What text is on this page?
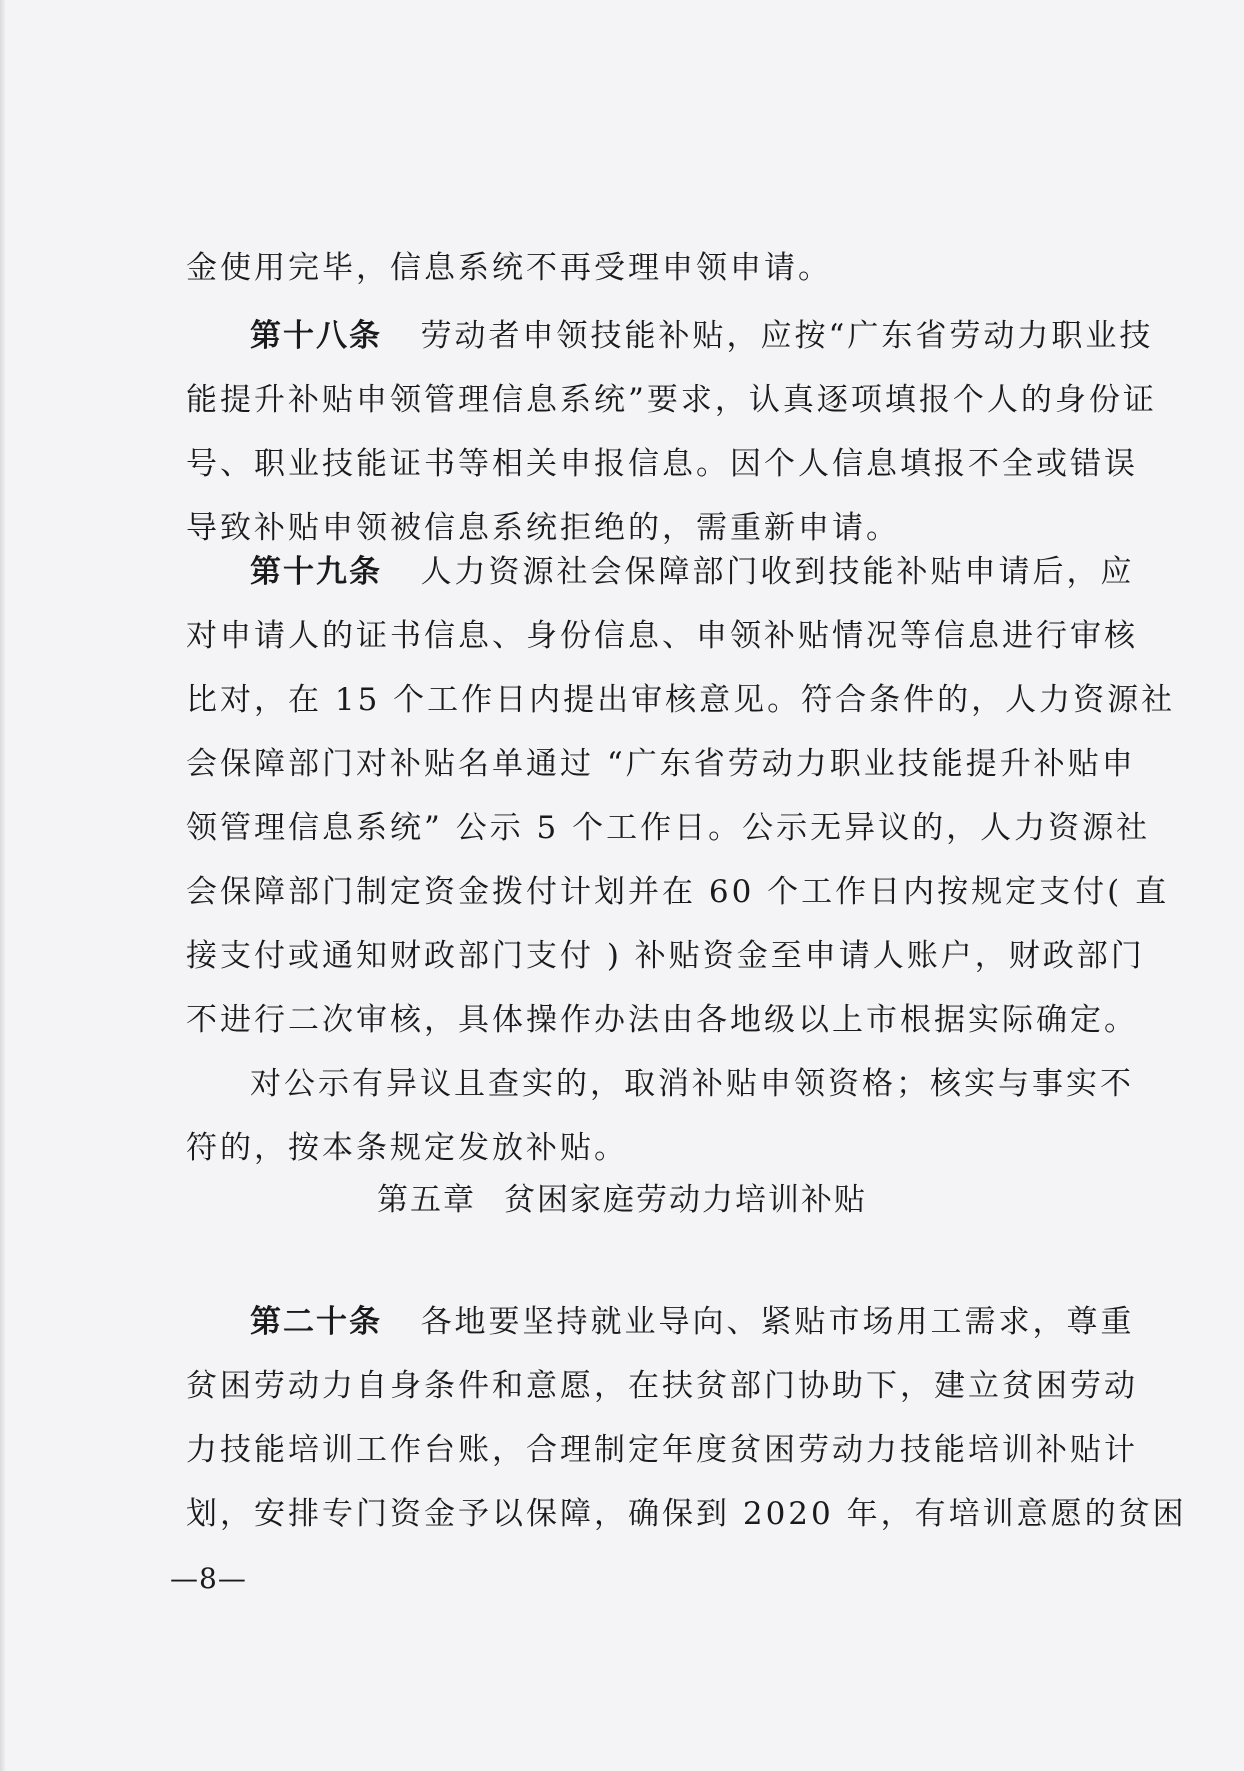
金使用完毕，信息系统不再受理申领申请。
第十八条 劳动者申领技能补贴，应按“广东省劳动力职业技
能提升补贴申领管理信息系统”要求，认真逐项填报个人的身份证
号、职业技能证书等相关申报信息。因个人信息填报不全或错误
导致补贴申领被信息系统拒绝的，需重新申请。
第十九条 人力资源社会保障部门收到技能补贴申请后，应
对申请人的证书信息、身份信息、申领补贴情况等信息进行审核
比对，在 15 个工作日内提出审核意见。符合条件的，人力资源社
会保障部门对补贴名单通过 “广东省劳动力职业技能提升补贴申
领管理信息系统” 公示 5 个工作日。公示无异议的，人力资源社
会保障部门制定资金拨付计划并在 60 个工作日内按规定支付( 直
接支付或通知财政部门支付 ) 补贴资金至申请人账户，财政部门
不进行二次审核，具体操作办法由各地级以上市根据实际确定。
对公示有异议且查实的，取消补贴申领资格；核实与事实不
符的，按本条规定发放补贴。
第五章 贫困家庭劳动力培训补贴
第二十条 各地要坚持就业导向、紧贴市场用工需求，尊重
贫困劳动力自身条件和意愿，在扶贫部门协助下，建立贫困劳动
力技能培训工作台账，合理制定年度贫困劳动力技能培训补贴计
划，安排专门资金予以保障，确保到 2020 年，有培训意愿的贫困
—8—
